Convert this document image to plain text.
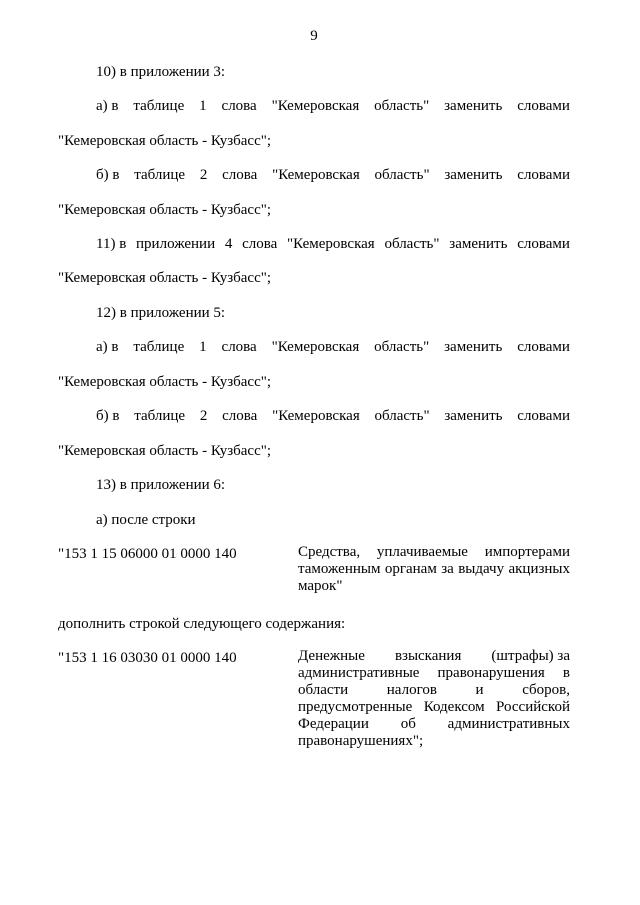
9
10) в приложении 3:
а) в таблице 1 слова "Кемеровская область" заменить словами
"Кемеровская область - Кузбасс";
б) в таблице 2 слова "Кемеровская область" заменить словами
"Кемеровская область - Кузбасс";
11) в приложении 4 слова "Кемеровская область" заменить словами
"Кемеровская область - Кузбасс";
12) в приложении 5:
а) в таблице 1 слова "Кемеровская область" заменить словами
"Кемеровская область - Кузбасс";
б) в таблице 2 слова "Кемеровская область" заменить словами
"Кемеровская область - Кузбасс";
13) в приложении 6:
а) после строки
"153 1 15 06000 01 0000 140	Средства, уплачиваемые импортерами
таможенным органам за выдачу акцизных
марок"
дополнить строкой следующего содержания:
"153 1 16 03030 01 0000 140	Денежные взыскания (штрафы) за
административные правонарушения в
области	налогов	и	сборов,
предусмотренные Кодексом Российской
Федерации об административных
правонарушениях";
